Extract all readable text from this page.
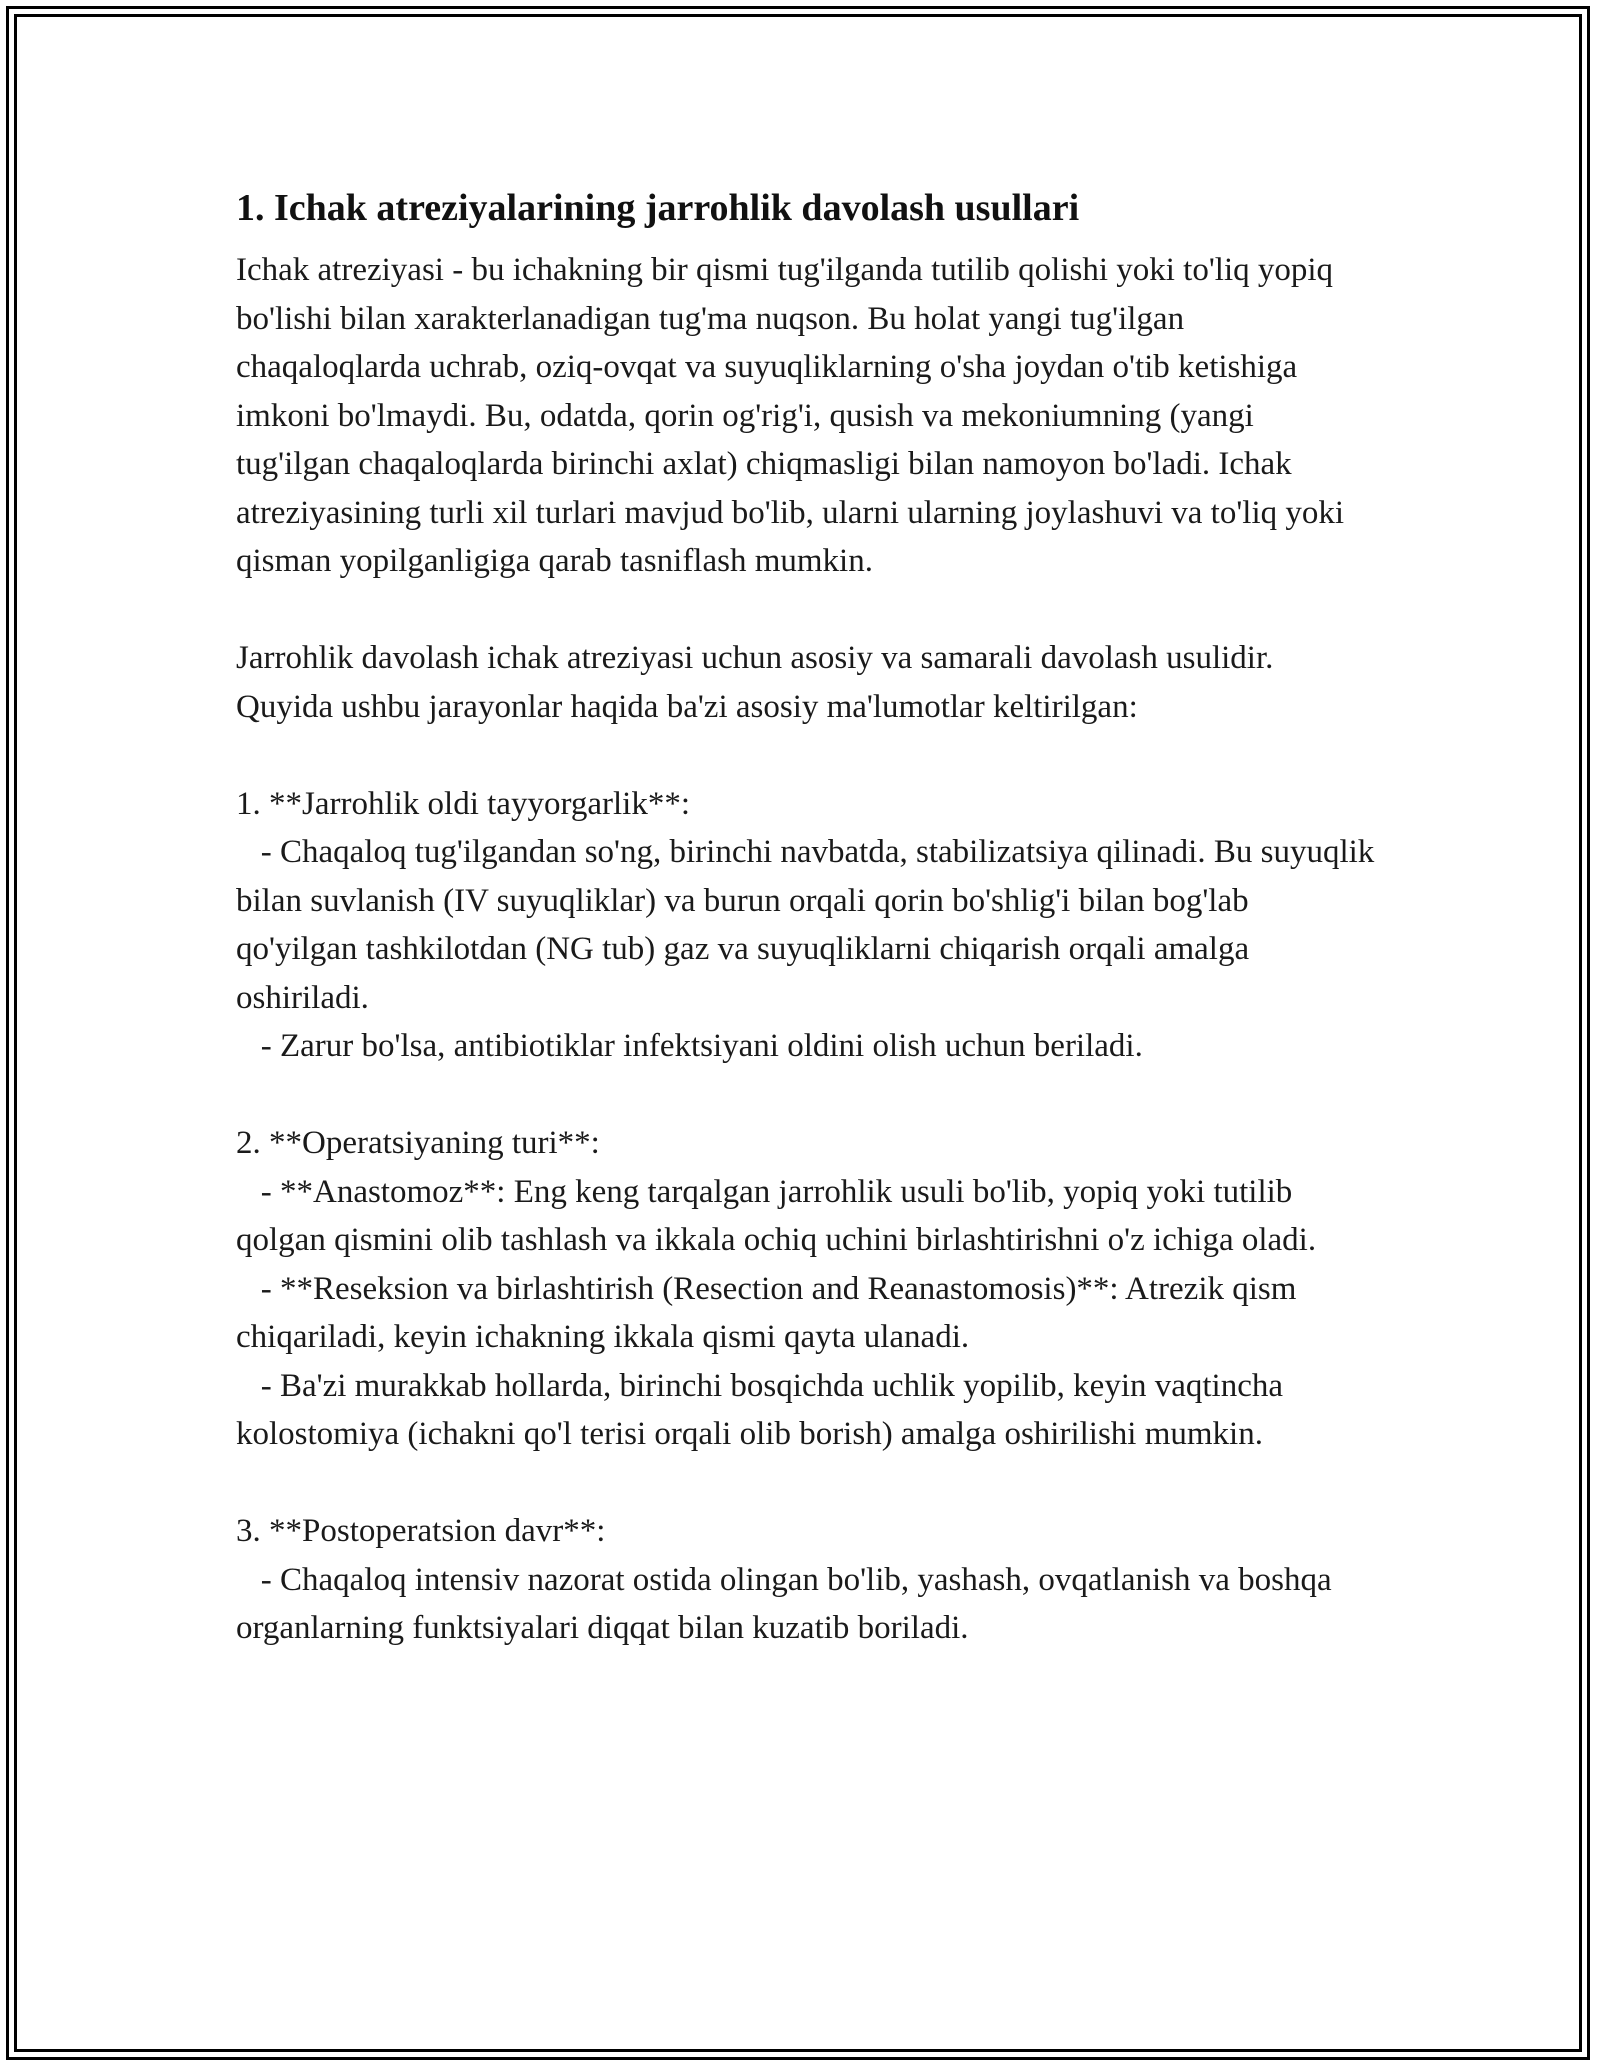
1. Ichak atreziyalarining jarrohlik davolash usullari

Ichak atreziyasi - bu ichakning bir qismi tug'ilganda tutilib qolishi yoki to'liq yopiq bo'lishi bilan xarakterlanadigan tug'ma nuqson. Bu holat yangi tug'ilgan chaqaloqlarda uchrab, oziq-ovqat va suyuqliklarning o'sha joydan o'tib ketishiga imkoni bo'lmaydi. Bu, odatda, qorin og'rig'i, qusish va mekoniumning (yangi tug'ilgan chaqaloqlarda birinchi axlat) chiqmasligi bilan namoyon bo'ladi. Ichak atreziyasining turli xil turlari mavjud bo'lib, ularni ularning joylashuvi va to'liq yoki qisman yopilganligiga qarab tasniflash mumkin.

Jarrohlik davolash ichak atreziyasi uchun asosiy va samarali davolash usulidir. Quyida ushbu jarayonlar haqida ba'zi asosiy ma'lumotlar keltirilgan:

1. **Jarrohlik oldi tayyorgarlik**:

- Chaqaloq tug'ilgandan so'ng, birinchi navbatda, stabilizatsiya qilinadi. Bu suyuqlik bilan suvlanish (IV suyuqliklar) va burun orqali qorin bo'shlig'i bilan bog'lab qo'yilgan tashkilotdan (NG tub) gaz va suyuqliklarni chiqarish orqali amalga oshiriladi.

- Zarur bo'lsa, antibiotiklar infektsiyani oldini olish uchun beriladi.

2. **Operatsiyaning turi**:

- **Anastomoz**: Eng keng tarqalgan jarrohlik usuli bo'lib, yopiq yoki tutilib qolgan qismini olib tashlash va ikkala ochiq uchini birlashtirishni o'z ichiga oladi.

- **Reseksion va birlashtirish (Resection and Reanastomosis)**: Atrezik qism chiqariladi, keyin ichakning ikkala qismi qayta ulanadi.

- Ba'zi murakkab hollarda, birinchi bosqichda uchlik yopilib, keyin vaqtincha kolostomiya (ichakni qo'l terisi orqali olib borish) amalga oshirilishi mumkin.

3. **Postoperatsion davr**:

- Chaqaloq intensiv nazorat ostida olingan bo'lib, yashash, ovqatlanish va boshqa organlarning funktsiyalari diqqat bilan kuzatib boriladi.
